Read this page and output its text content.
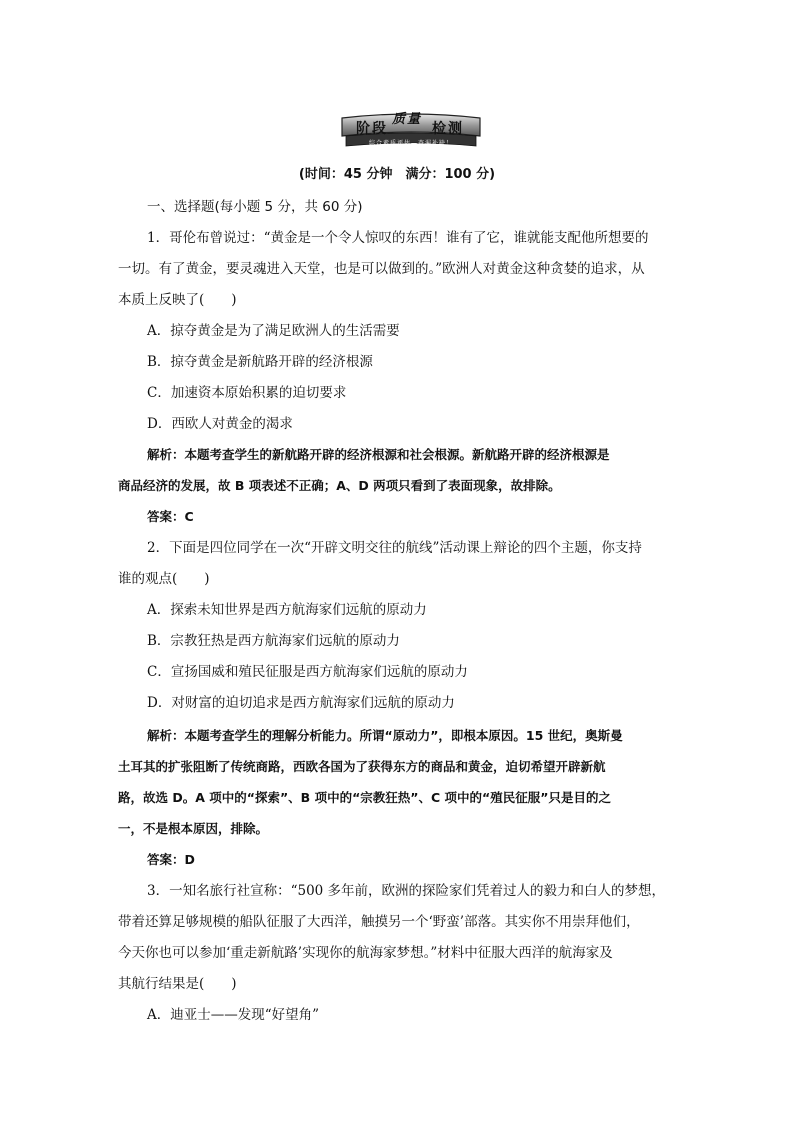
阶段
质量
检测
综合素质评估—查漏补缺！
(时间：45 分钟　满分：100 分)
一、选择题(每小题 5 分，共 60 分)
1．哥伦布曾说过：“黄金是一个令人惊叹的东西！谁有了它，谁就能支配他所想要的
一切。有了黄金，要灵魂进入天堂，也是可以做到的。”欧洲人对黄金这种贪婪的追求，从
本质上反映了(　　)
A．掠夺黄金是为了满足欧洲人的生活需要
B．掠夺黄金是新航路开辟的经济根源
C．加速资本原始积累的迫切要求
D．西欧人对黄金的渴求
解析：本题考查学生的新航路开辟的经济根源和社会根源。新航路开辟的经济根源是
商品经济的发展，故 B 项表述不正确；A、D 两项只看到了表面现象，故排除。
答案：C
2．下面是四位同学在一次“开辟文明交往的航线”活动课上辩论的四个主题，你支持
谁的观点(　　)
A．探索未知世界是西方航海家们远航的原动力
B．宗教狂热是西方航海家们远航的原动力
C．宣扬国威和殖民征服是西方航海家们远航的原动力
D．对财富的迫切追求是西方航海家们远航的原动力
解析：本题考查学生的理解分析能力。所谓“原动力”，即根本原因。15 世纪，奥斯曼
土耳其的扩张阻断了传统商路，西欧各国为了获得东方的商品和黄金，迫切希望开辟新航
路，故选 D。A 项中的“探索”、B 项中的“宗教狂热”、C 项中的“殖民征服”只是目的之
一，不是根本原因，排除。
答案：D
3．一知名旅行社宣称：“500 多年前，欧洲的探险家们凭着过人的毅力和白人的梦想，
带着还算足够规模的船队征服了大西洋，触摸另一个‘野蛮’部落。其实你不用崇拜他们，
今天你也可以参加‘重走新航路’实现你的航海家梦想。”材料中征服大西洋的航海家及
其航行结果是(　　)
A．迪亚士——发现“好望角”
